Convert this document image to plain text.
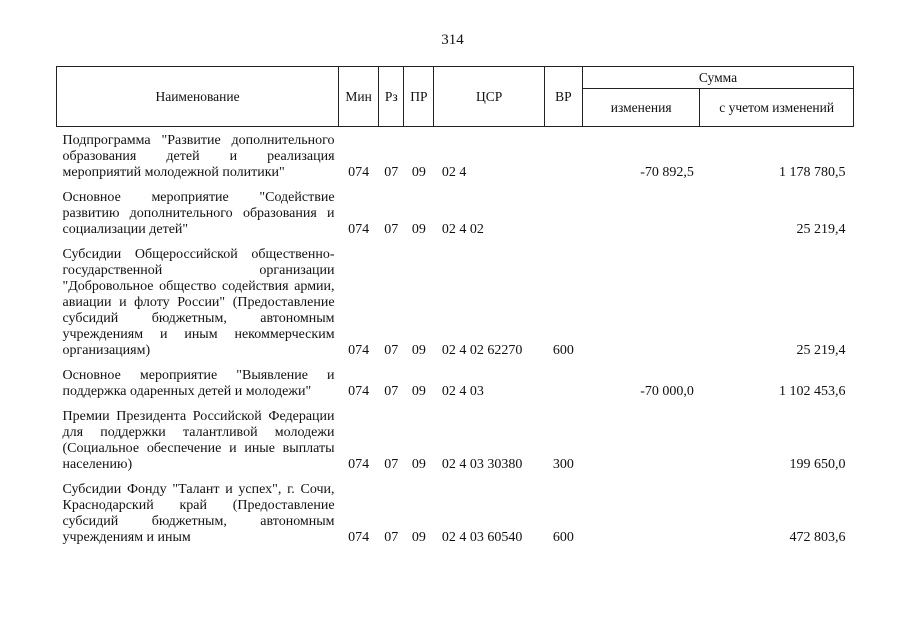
314
Наименование	Мин	Рз	ПР	ЦСР	ВР	Сумма	
						изменения	с учетом изменений
Подпрограмма "Развитие дополнительного образования детей и реализация мероприятий молодежной политики"	074	07	09	02 4		-70 892,5	1 178 780,5
Основное мероприятие "Содействие развитию дополнительного образования и социализации детей"	074	07	09	02 4 02			25 219,4
Субсидии Общероссийской общественно-государственной организации "Добровольное общество содействия армии, авиации и флоту России" (Предоставление субсидий бюджетным, автономным учреждениям и иным некоммерческим организациям)	074	07	09	02 4 02 62270	600		25 219,4
Основное мероприятие "Выявление и поддержка одаренных детей и молодежи"	074	07	09	02 4 03		-70 000,0	1 102 453,6
Премии Президента Российской Федерации для поддержки талантливой молодежи (Социальное обеспечение и иные выплаты населению)	074	07	09	02 4 03 30380	300		199 650,0
Субсидии Фонду "Талант и успех", г. Сочи, Краснодарский край (Предоставление субсидий бюджетным, автономным учреждениям и иным	074	07	09	02 4 03 60540	600		472 803,6
